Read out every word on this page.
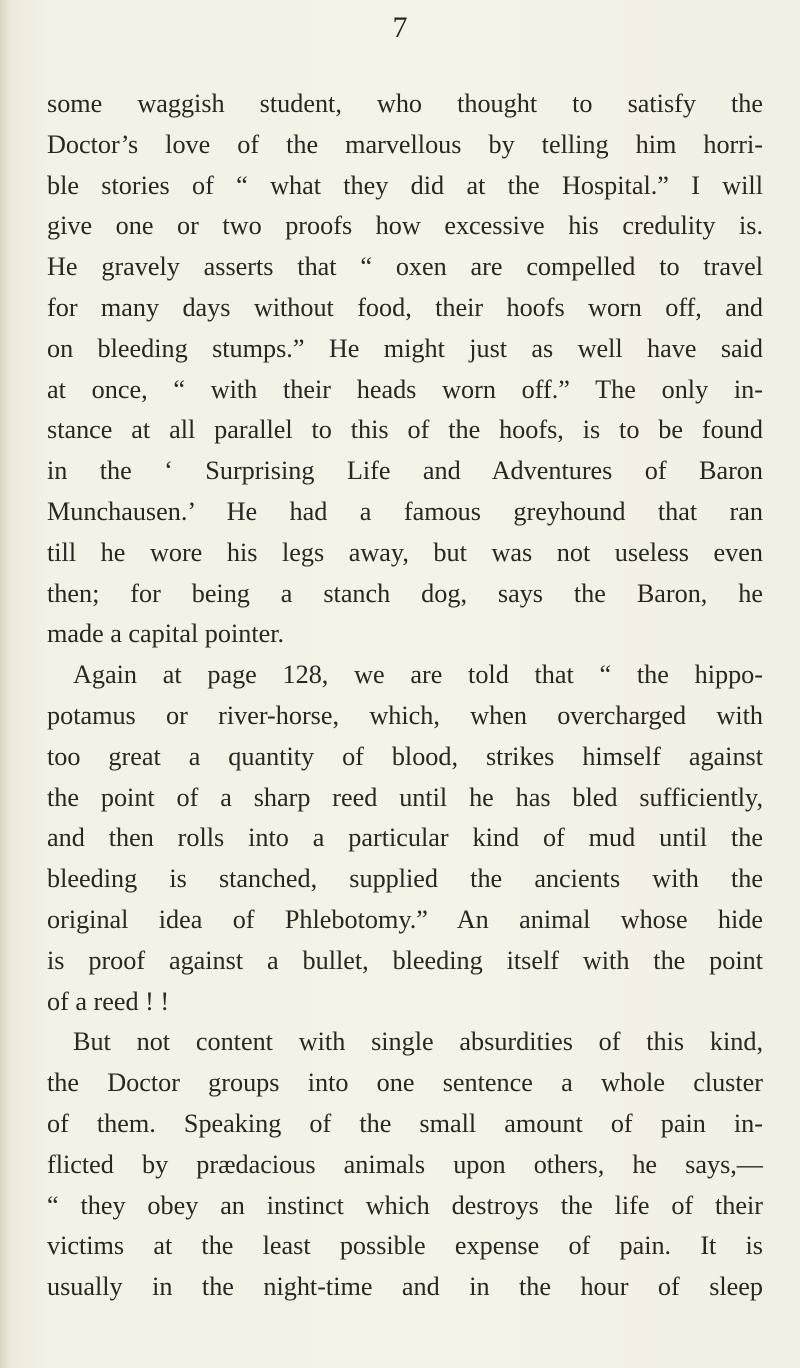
7
some waggish student, who thought to satisfy the
Doctor’s love of the marvellous by telling him horri-
ble stories of “ what they did at the Hospital.” I will
give one or two proofs how excessive his credulity is.
He gravely asserts that “ oxen are compelled to travel
for many days without food, their hoofs worn off, and
on bleeding stumps.” He might just as well have said
at once, “ with their heads worn off.” The only in-
stance at all parallel to this of the hoofs, is to be found
in the ‘ Surprising Life and Adventures of Baron
Munchausen.’ He had a famous greyhound that ran
till he wore his legs away, but was not useless even
then; for being a stanch dog, says the Baron, he
made a capital pointer.
Again at page 128, we are told that “ the hippo-
potamus or river-horse, which, when overcharged with
too great a quantity of blood, strikes himself against
the point of a sharp reed until he has bled sufficiently,
and then rolls into a particular kind of mud until the
bleeding is stanched, supplied the ancients with the
original idea of Phlebotomy.” An animal whose hide
is proof against a bullet, bleeding itself with the point
of a reed ! !
But not content with single absurdities of this kind,
the Doctor groups into one sentence a whole cluster
of them. Speaking of the small amount of pain in-
flicted by prædacious animals upon others, he says,—
“ they obey an instinct which destroys the life of their
victims at the least possible expense of pain. It is
usually in the night-time and in the hour of sleep
